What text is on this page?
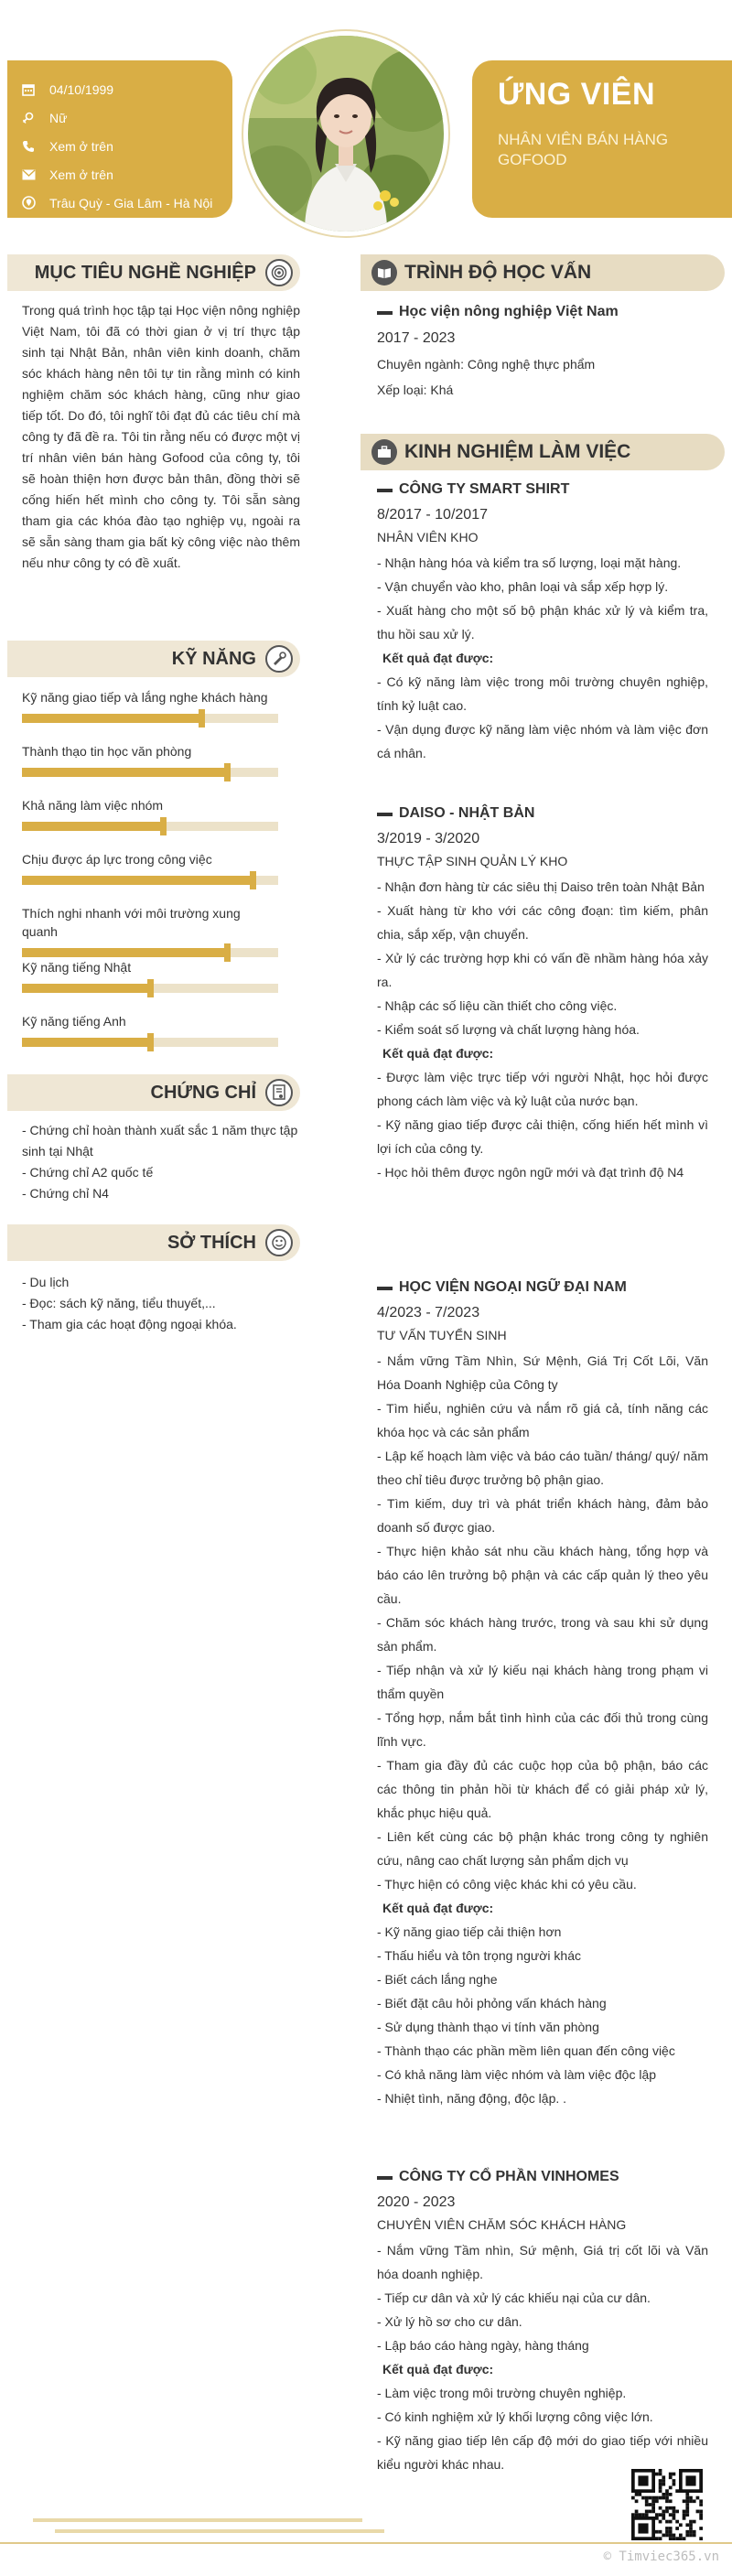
04/10/1999
Nữ
Xem ở trên
Xem ở trên
Trâu Quỳ - Gia Lâm - Hà Nội
ỨNG VIÊN
NHÂN VIÊN BÁN HÀNG GOFOOD
MỤC TIÊU NGHỀ NGHIỆP
Trong quá trình học tập tại Học viện nông nghiệp Việt Nam, tôi đã có thời gian ở vị trí thực tập sinh tại Nhật Bản, nhân viên kinh doanh, chăm sóc khách hàng nên tôi tự tin rằng mình có kinh nghiệm chăm sóc khách hàng, cũng như giao tiếp tốt. Do đó, tôi nghĩ tôi đạt đủ các tiêu chí mà công ty đã đề ra. Tôi tin rằng nếu có được một vị trí nhân viên bán hàng Gofood của công ty, tôi sẽ hoàn thiện hơn được bản thân, đồng thời sẽ cống hiến hết mình cho công ty. Tôi sẵn sàng tham gia các khóa đào tạo nghiệp vụ, ngoài ra sẽ sẵn sàng tham gia bất kỳ công việc nào thêm nếu như công ty có đề xuất.
KỸ NĂNG
Kỹ năng giao tiếp và lắng nghe khách hàng
Thành thạo tin học văn phòng
Khả năng làm việc nhóm
Chịu được áp lực trong công việc
Thích nghi nhanh với môi trường xung quanh
Kỹ năng tiếng Nhật
Kỹ năng tiếng Anh
CHỨNG CHỈ
- Chứng chỉ hoàn thành xuất sắc 1 năm thực tập sinh tại Nhật
- Chứng chỉ A2 quốc tế
- Chứng chỉ N4
SỞ THÍCH
- Du lịch
- Đọc: sách kỹ năng, tiểu thuyết,...
- Tham gia các hoạt động ngoại khóa.
TRÌNH ĐỘ HỌC VẤN
Học viện nông nghiệp Việt Nam
2017 - 2023
Chuyên ngành: Công nghệ thực phẩm
Xếp loại: Khá
KINH NGHIỆM LÀM VIỆC
CÔNG TY SMART SHIRT
8/2017 - 10/2017
NHÂN VIÊN KHO
- Nhận hàng hóa và kiểm tra số lượng, loại mặt hàng.
- Vận chuyển vào kho, phân loại và sắp xếp hợp lý.
- Xuất hàng cho một số bộ phận khác xử lý và kiểm tra, thu hồi sau xử lý.
Kết quả đạt được:
- Có kỹ năng làm việc trong môi trường chuyên nghiệp, tính kỷ luật cao.
- Vận dụng được kỹ năng làm việc nhóm và làm việc đơn cá nhân.
DAISO - NHẬT BẢN
3/2019 - 3/2020
THỰC TẬP SINH QUẢN LÝ KHO
- Nhận đơn hàng từ các siêu thị Daiso trên toàn Nhật Bản
- Xuất hàng từ kho với các công đoạn: tìm kiếm, phân chia, sắp xếp, vận chuyển.
- Xử lý các trường hợp khi có vấn đề nhầm hàng hóa xảy ra.
- Nhập các số liệu cần thiết cho công việc.
- Kiểm soát số lượng và chất lượng hàng hóa.
Kết quả đạt được:
- Được làm việc trực tiếp với người Nhật, học hỏi được phong cách làm việc và kỷ luật của nước bạn.
- Kỹ năng giao tiếp được cải thiện, cống hiến hết mình vì lợi ích của công ty.
- Học hỏi thêm được ngôn ngữ mới và đạt trình độ N4
HỌC VIỆN NGOẠI NGỮ ĐẠI NAM
4/2023 - 7/2023
TƯ VẤN TUYỂN SINH
- Nắm vững Tầm Nhìn, Sứ Mệnh, Giá Trị Cốt Lõi, Văn Hóa Doanh Nghiệp của Công ty
- Tìm hiểu, nghiên cứu và nắm rõ giá cả, tính năng các khóa học và các sản phẩm
- Lập kế hoạch làm việc và báo cáo tuần/ tháng/ quý/ năm theo chỉ tiêu được trưởng bộ phận giao.
- Tìm kiếm, duy trì và phát triển khách hàng, đảm bảo doanh số được giao.
- Thực hiện khảo sát nhu cầu khách hàng, tổng hợp và báo cáo lên trưởng bộ phận và các cấp quản lý theo yêu cầu.
- Chăm sóc khách hàng trước, trong và sau khi sử dụng sản phẩm.
- Tiếp nhận và xử lý kiếu nại khách hàng trong phạm vi thẩm quyền
- Tổng hợp, nắm bắt tình hình của các đối thủ trong cùng lĩnh vực.
- Tham gia đầy đủ các cuộc họp của bộ phận, báo các các thông tin phản hồi từ khách để có giải pháp xử lý, khắc phục hiệu quả.
- Liên kết cùng các bộ phận khác trong công ty nghiên cứu, nâng cao chất lượng sản phẩm dịch vụ
- Thực hiện có công việc khác khi có yêu cầu.
Kết quả đạt được:
- Kỹ năng giao tiếp cải thiện hơn
- Thấu hiểu và tôn trọng người khác
- Biết cách lắng nghe
- Biết đặt câu hỏi phỏng vấn khách hàng
- Sử dụng thành thạo vi tính văn phòng
- Thành thạo các phần mềm liên quan đến công việc
- Có khả năng làm việc nhóm và làm việc độc lập
- Nhiệt tình, năng động, độc lập. .
CÔNG TY CỔ PHẦN VINHOMES
2020 - 2023
CHUYÊN VIÊN CHĂM SÓC KHÁCH HÀNG
- Nắm vững Tầm nhìn, Sứ mệnh, Giá trị cốt lõi và Văn hóa doanh nghiệp.
- Tiếp cư dân và xử lý các khiếu nại của cư dân.
- Xử lý hồ sơ cho cư dân.
- Lập báo cáo hàng ngày, hàng tháng
Kết quả đạt được:
- Làm việc trong môi trường chuyên nghiệp.
- Có kinh nghiệm xử lý khối lượng công việc lớn.
- Kỹ năng giao tiếp lên cấp độ mới do giao tiếp với nhiều kiểu người khác nhau.
© Timviec365.vn
